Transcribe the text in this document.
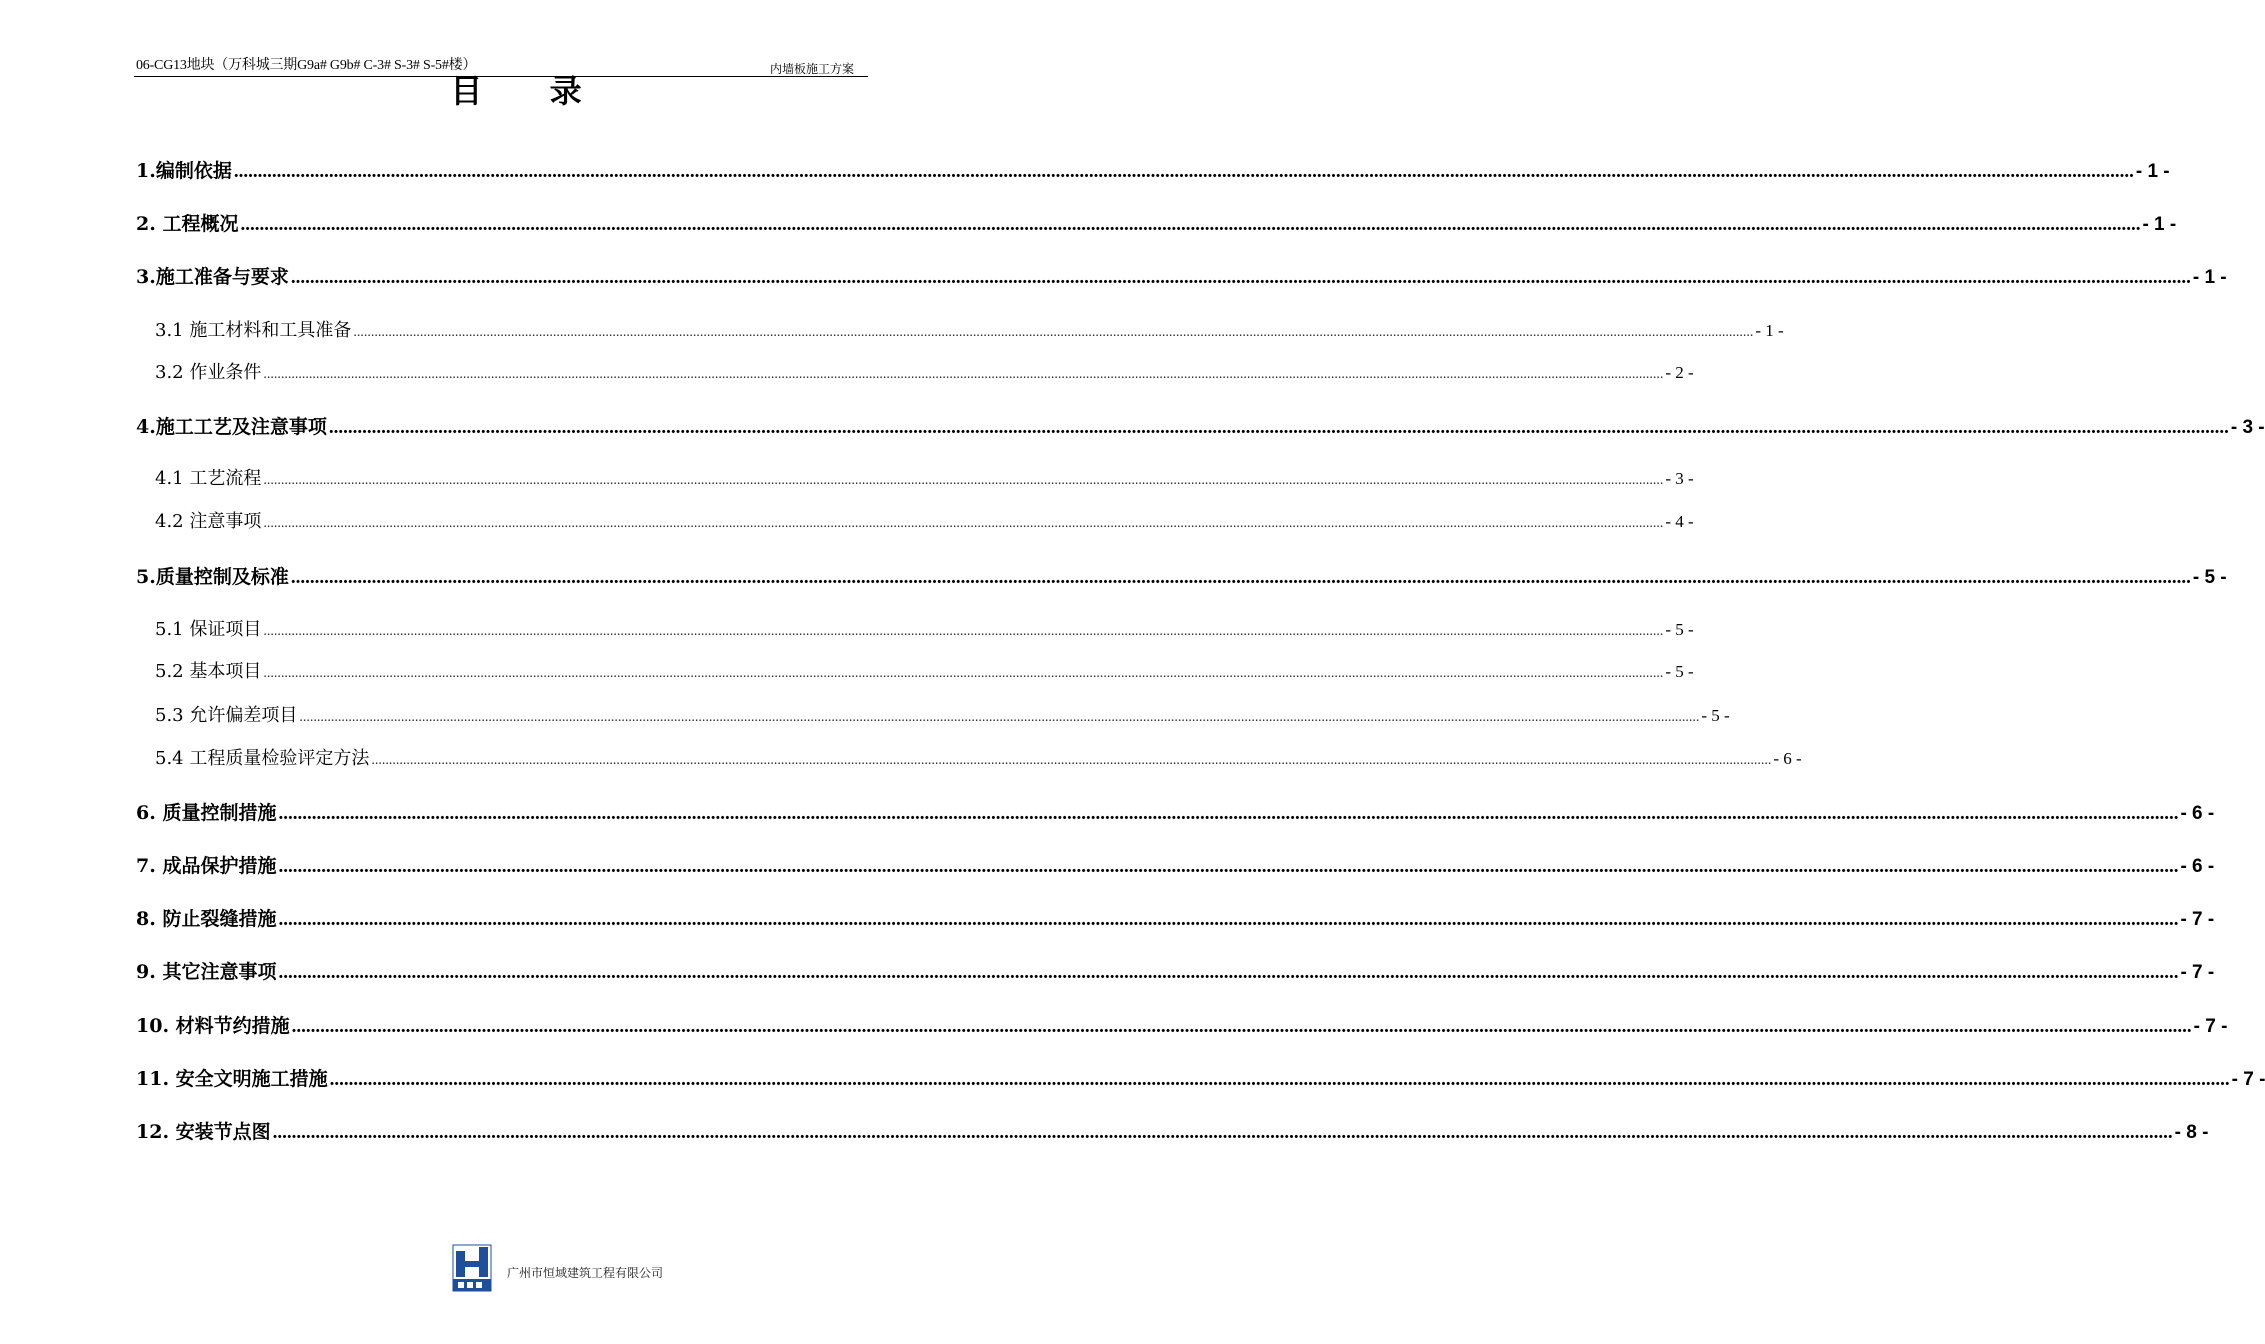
06-CG13地块（万科城三期G9a# G9b# C-3# S-3# S-5#楼）	内墙板施工方案
目 录
1.编制依据 ................................................................................................................................................................................................................................................................................................................................................................................................................ - 1 -
2. 工程概况 ................................................................................................................................................................................................................................................................................................................................................................................................................ - 1 -
3.施工准备与要求 ................................................................................................................................................................................................................................................................................................................................................................................................................ - 1 -
3.1 施工材料和工具准备 ................................................................................................................................................................................................................................................................................................................................................................................................................ - 1 -
3.2 作业条件 ................................................................................................................................................................................................................................................................................................................................................................................................................ - 2 -
4.施工工艺及注意事项 ................................................................................................................................................................................................................................................................................................................................................................................................................ - 3 -
4.1 工艺流程 ................................................................................................................................................................................................................................................................................................................................................................................................................ - 3 -
4.2 注意事项 ................................................................................................................................................................................................................................................................................................................................................................................................................ - 4 -
5.质量控制及标准 ................................................................................................................................................................................................................................................................................................................................................................................................................ - 5 -
5.1 保证项目 ................................................................................................................................................................................................................................................................................................................................................................................................................ - 5 -
5.2 基本项目 ................................................................................................................................................................................................................................................................................................................................................................................................................ - 5 -
5.3 允许偏差项目 ................................................................................................................................................................................................................................................................................................................................................................................................................ - 5 -
5.4 工程质量检验评定方法 ................................................................................................................................................................................................................................................................................................................................................................................................................ - 6 -
6. 质量控制措施 ................................................................................................................................................................................................................................................................................................................................................................................................................ - 6 -
7. 成品保护措施 ................................................................................................................................................................................................................................................................................................................................................................................................................ - 6 -
8. 防止裂缝措施 ................................................................................................................................................................................................................................................................................................................................................................................................................ - 7 -
9. 其它注意事项 ................................................................................................................................................................................................................................................................................................................................................................................................................ - 7 -
10. 材料节约措施 ................................................................................................................................................................................................................................................................................................................................................................................................................ - 7 -
11. 安全文明施工措施 ................................................................................................................................................................................................................................................................................................................................................................................................................ - 7 -
12. 安装节点图 ................................................................................................................................................................................................................................................................................................................................................................................................................ - 8 -
广州市恒域建筑工程有限公司
